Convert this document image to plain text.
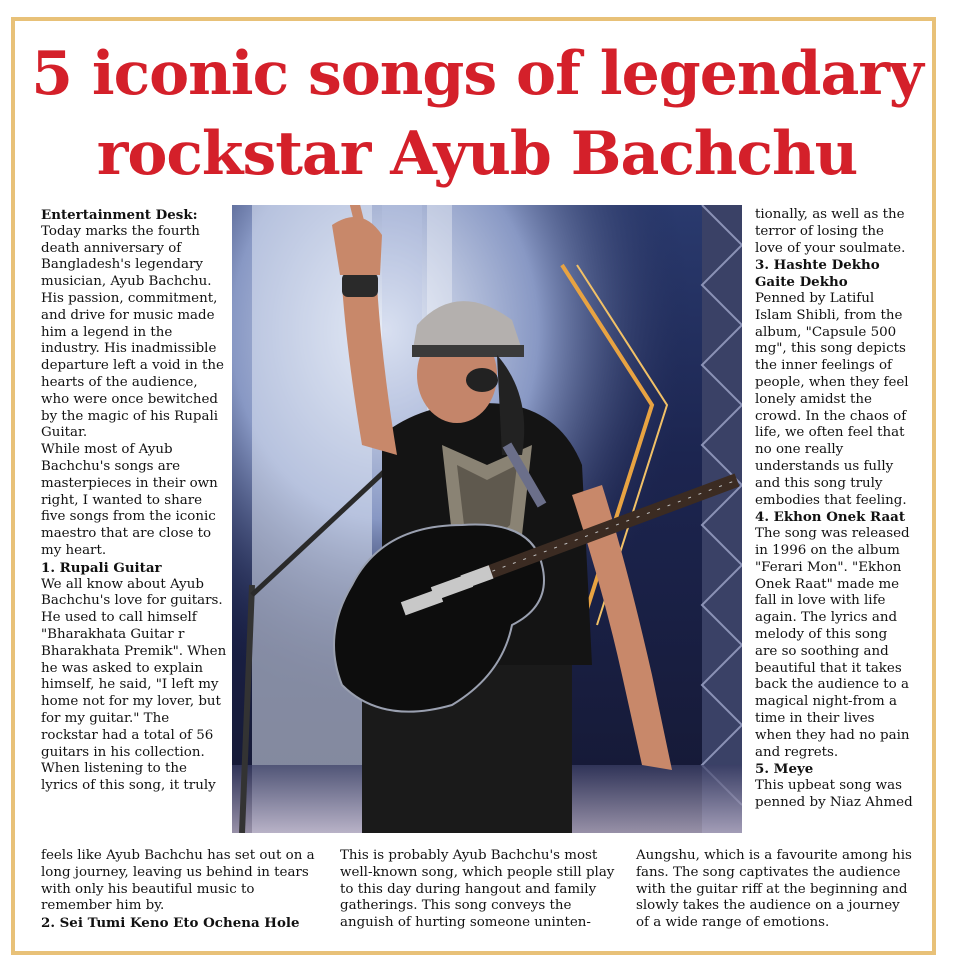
5 iconic songs of legendary rockstar Ayub Bachchu

Entertainment Desk:

Today marks the fourth death anniversary of Bangladesh's legendary musician, Ayub Bachchu. His passion, commitment, and drive for music made him a legend in the industry. His inadmissible departure left a void in the hearts of the audience, who were once bewitched by the magic of his Rupali Guitar.

While most of Ayub Bachchu's songs are masterpieces in their own right, I wanted to share five songs from the iconic maestro that are close to my heart.

1. Rupali Guitar

We all know about Ayub Bachchu's love for guitars. He used to call himself "Bharakhata Guitar r Bharakhata Premik". When he was asked to explain himself, he said, "I left my home not for my lover, but for my guitar." The rockstar had a total of 56 guitars in his collection.

When listening to the lyrics of this song, it truly

tionally, as well as the terror of losing the love of your soulmate.

3. Hashte Dekho Gaite Dekho

Penned by Latiful Islam Shibli, from the album, "Capsule 500 mg", this song depicts the inner feelings of people, when they feel lonely amidst the crowd. In the chaos of life, we often feel that no one really understands us fully and this song truly embodies that feeling.

4. Ekhon Onek Raat

The song was released in 1996 on the album "Ferari Mon". "Ekhon Onek Raat" made me fall in love with life again. The lyrics and melody of this song are so soothing and beautiful that it takes back the audience to a magical night-from a time in their lives when they had no pain and regrets.

5. Meye

This upbeat song was penned by Niaz Ahmed

feels like Ayub Bachchu has set out on a long journey, leaving us behind in tears with only his beautiful music to remember him by.

2. Sei Tumi Keno Eto Ochena Hole

This is probably Ayub Bachchu's most well-known song, which people still play to this day during hangout and family gatherings. This song conveys the anguish of hurting someone uninten-

Aungshu, which is a favourite among his fans. The song captivates the audience with the guitar riff at the beginning and slowly takes the audience on a journey of a wide range of emotions.
